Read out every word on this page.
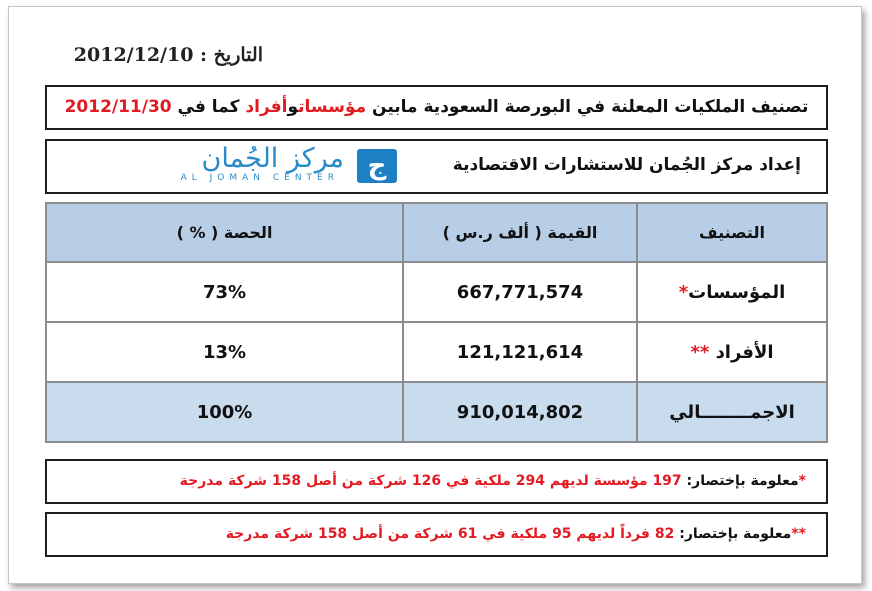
التاريخ : 2012/12/10
تصنيف الملكيات المعلنة في البورصة السعودية مابين مؤسساتوأفراد كما في 2012/11/30
إعداد مركز الجُمان للاستشارات الاقتصادية
ج
مركز الجُمان
AL JOMAN CENTER
التصنيف	القيمة ( ألف ر.س )	الحصة ( % )
المؤسسات*	667,771,574	73%
الأفراد **	121,121,614	13%
الاجمــــــــالي	910,014,802	100%
*معلومة بإختصار: 197 مؤسسة لديهم 294 ملكية في 126 شركة من أصل 158 شركة مدرجة
**معلومة بإختصار: 82 فرداً لديهم 95 ملكية في 61 شركة من أصل 158 شركة مدرجة
